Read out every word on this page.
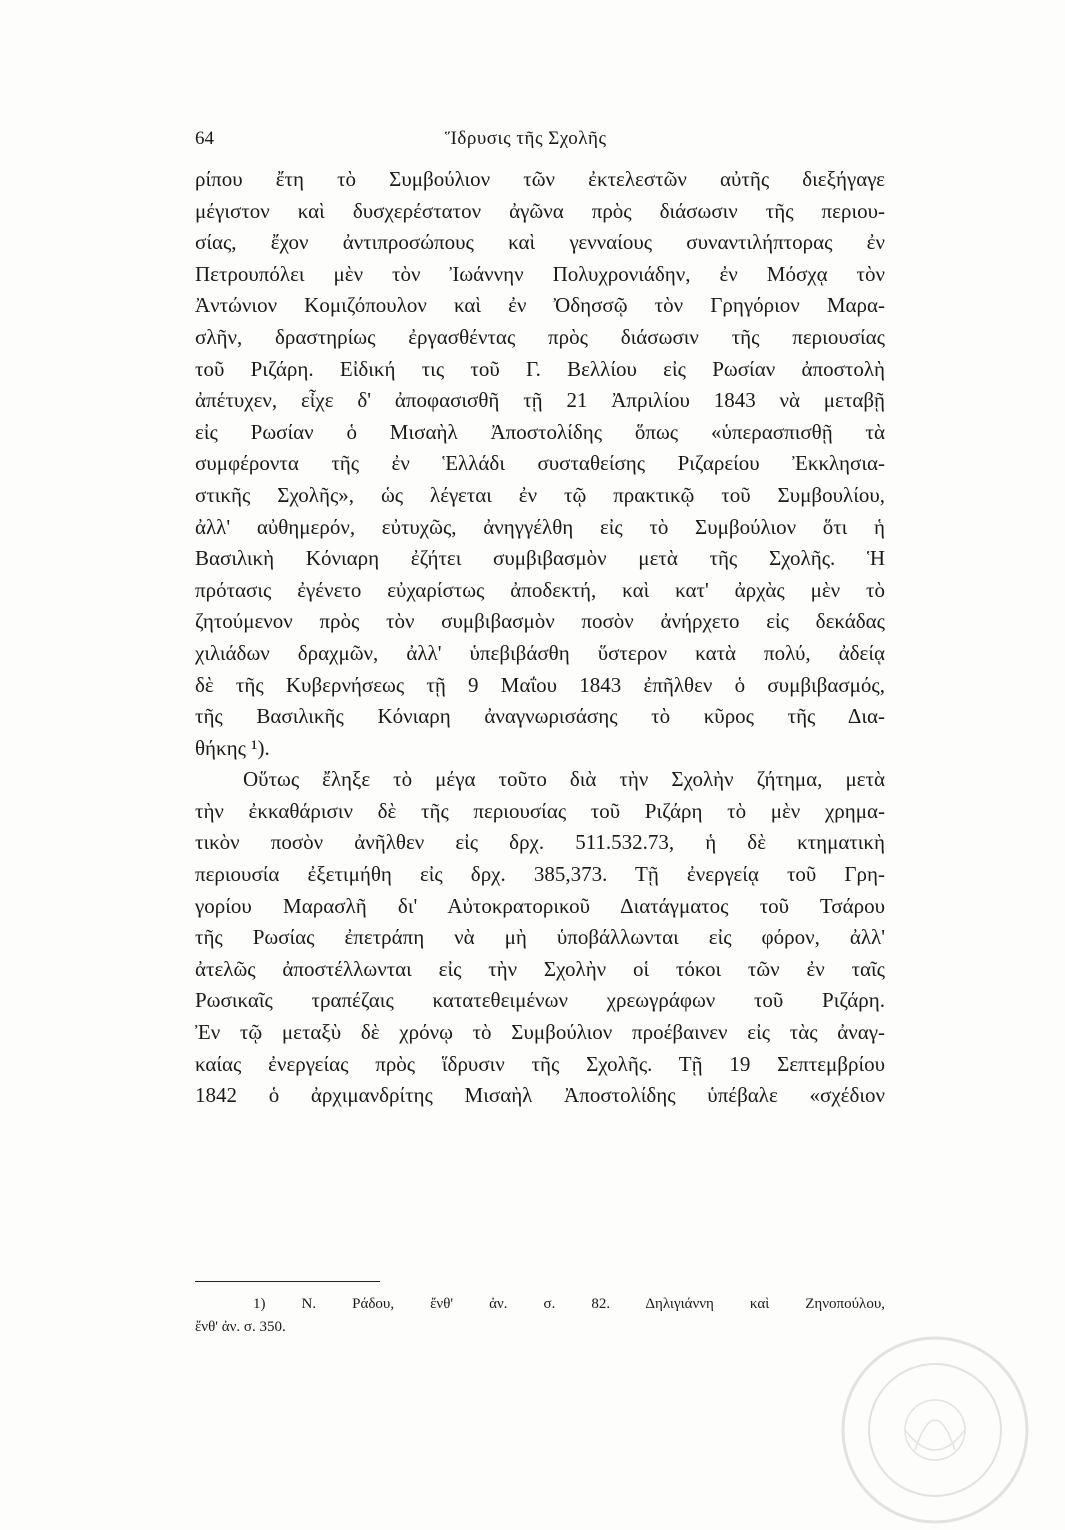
64	Ἵδρυσις τῆς Σχολῆς
ρίπου ἔτη τὸ Συμβούλιον τῶν ἐκτελεστῶν αὐτῆς διεξήγαγε
μέγιστον καὶ δυσχερέστατον ἀγῶνα πρὸς διάσωσιν τῆς περιου-
σίας, ἔχον ἀντιπροσώπους καὶ γενναίους συναντιλήπτορας ἐν
Πετρουπόλει μὲν τὸν Ἰωάννην Πολυχρονιάδην, ἐν Μόσχᾳ τὸν
Ἀντώνιον Κομιζόπουλον καὶ ἐν Ὀδησσῷ τὸν Γρηγόριον Μαρα-
σλῆν, δραστηρίως ἐργασθέντας πρὸς διάσωσιν τῆς περιουσίας
τοῦ Ριζάρη. Εἰδική τις τοῦ Γ. Βελλίου εἰς Ρωσίαν ἀποστολὴ
ἀπέτυχεν, εἶχε δ' ἀποφασισθῆ τῇ 21 Ἀπριλίου 1843 νὰ μεταβῇ
εἰς Ρωσίαν ὁ Μισαὴλ Ἀποστολίδης ὅπως «ὑπερασπισθῇ τὰ
συμφέροντα τῆς ἐν Ἑλλάδι συσταθείσης Ριζαρείου Ἐκκλησια-
στικῆς Σχολῆς», ὡς λέγεται ἐν τῷ πρακτικῷ τοῦ Συμβουλίου,
ἀλλ' αὐθημερόν, εὐτυχῶς, ἀνηγγέλθη εἰς τὸ Συμβούλιον ὅτι ἡ
Βασιλικὴ Κόνιαρη ἐζήτει συμβιβασμὸν μετὰ τῆς Σχολῆς. Ἡ
πρότασις ἐγένετο εὐχαρίστως ἀποδεκτή, καὶ κατ' ἀρχὰς μὲν τὸ
ζητούμενον πρὸς τὸν συμβιβασμὸν ποσὸν ἀνήρχετο εἰς δεκάδας
χιλιάδων δραχμῶν, ἀλλ' ὑπεβιβάσθη ὕστερον κατὰ πολύ, ἀδείᾳ
δὲ τῆς Κυβερνήσεως τῇ 9 Μαΐου 1843 ἐπῆλθεν ὁ συμβιβασμός,
τῆς Βασιλικῆς Κόνιαρη ἀναγνωρισάσης τὸ κῦρος τῆς Δια-
θήκης ¹).
Οὕτως ἔληξε τὸ μέγα τοῦτο διὰ τὴν Σχολὴν ζήτημα, μετὰ
τὴν ἐκκαθάρισιν δὲ τῆς περιουσίας τοῦ Ριζάρη τὸ μὲν χρημα-
τικὸν ποσὸν ἀνῆλθεν εἰς δρχ. 511.532.73, ἡ δὲ κτηματικὴ
περιουσία ἐξετιμήθη εἰς δρχ. 385,373. Τῇ ἐνεργείᾳ τοῦ Γρη-
γορίου Μαρασλῆ δι' Αὐτοκρατορικοῦ Διατάγματος τοῦ Τσάρου
τῆς Ρωσίας ἐπετράπη νὰ μὴ ὑποβάλλωνται εἰς φόρον, ἀλλ'
ἀτελῶς ἀποστέλλωνται εἰς τὴν Σχολὴν οἱ τόκοι τῶν ἐν ταῖς
Ρωσικαῖς τραπέζαις κατατεθειμένων χρεωγράφων τοῦ Ριζάρη.
Ἐν τῷ μεταξὺ δὲ χρόνῳ τὸ Συμβούλιον προέβαινεν εἰς τὰς ἀναγ-
καίας ἐνεργείας πρὸς ἵδρυσιν τῆς Σχολῆς. Τῇ 19 Σεπτεμβρίου
1842 ὁ ἀρχιμανδρίτης Μισαὴλ Ἀποστολίδης ὑπέβαλε «σχέδιον
1) Ν. Ράδου, ἔνθ' ἀν. σ. 82. Δηλιγιάννη καὶ Ζηνοπούλου,
ἔνθ' ἀν. σ. 350.
